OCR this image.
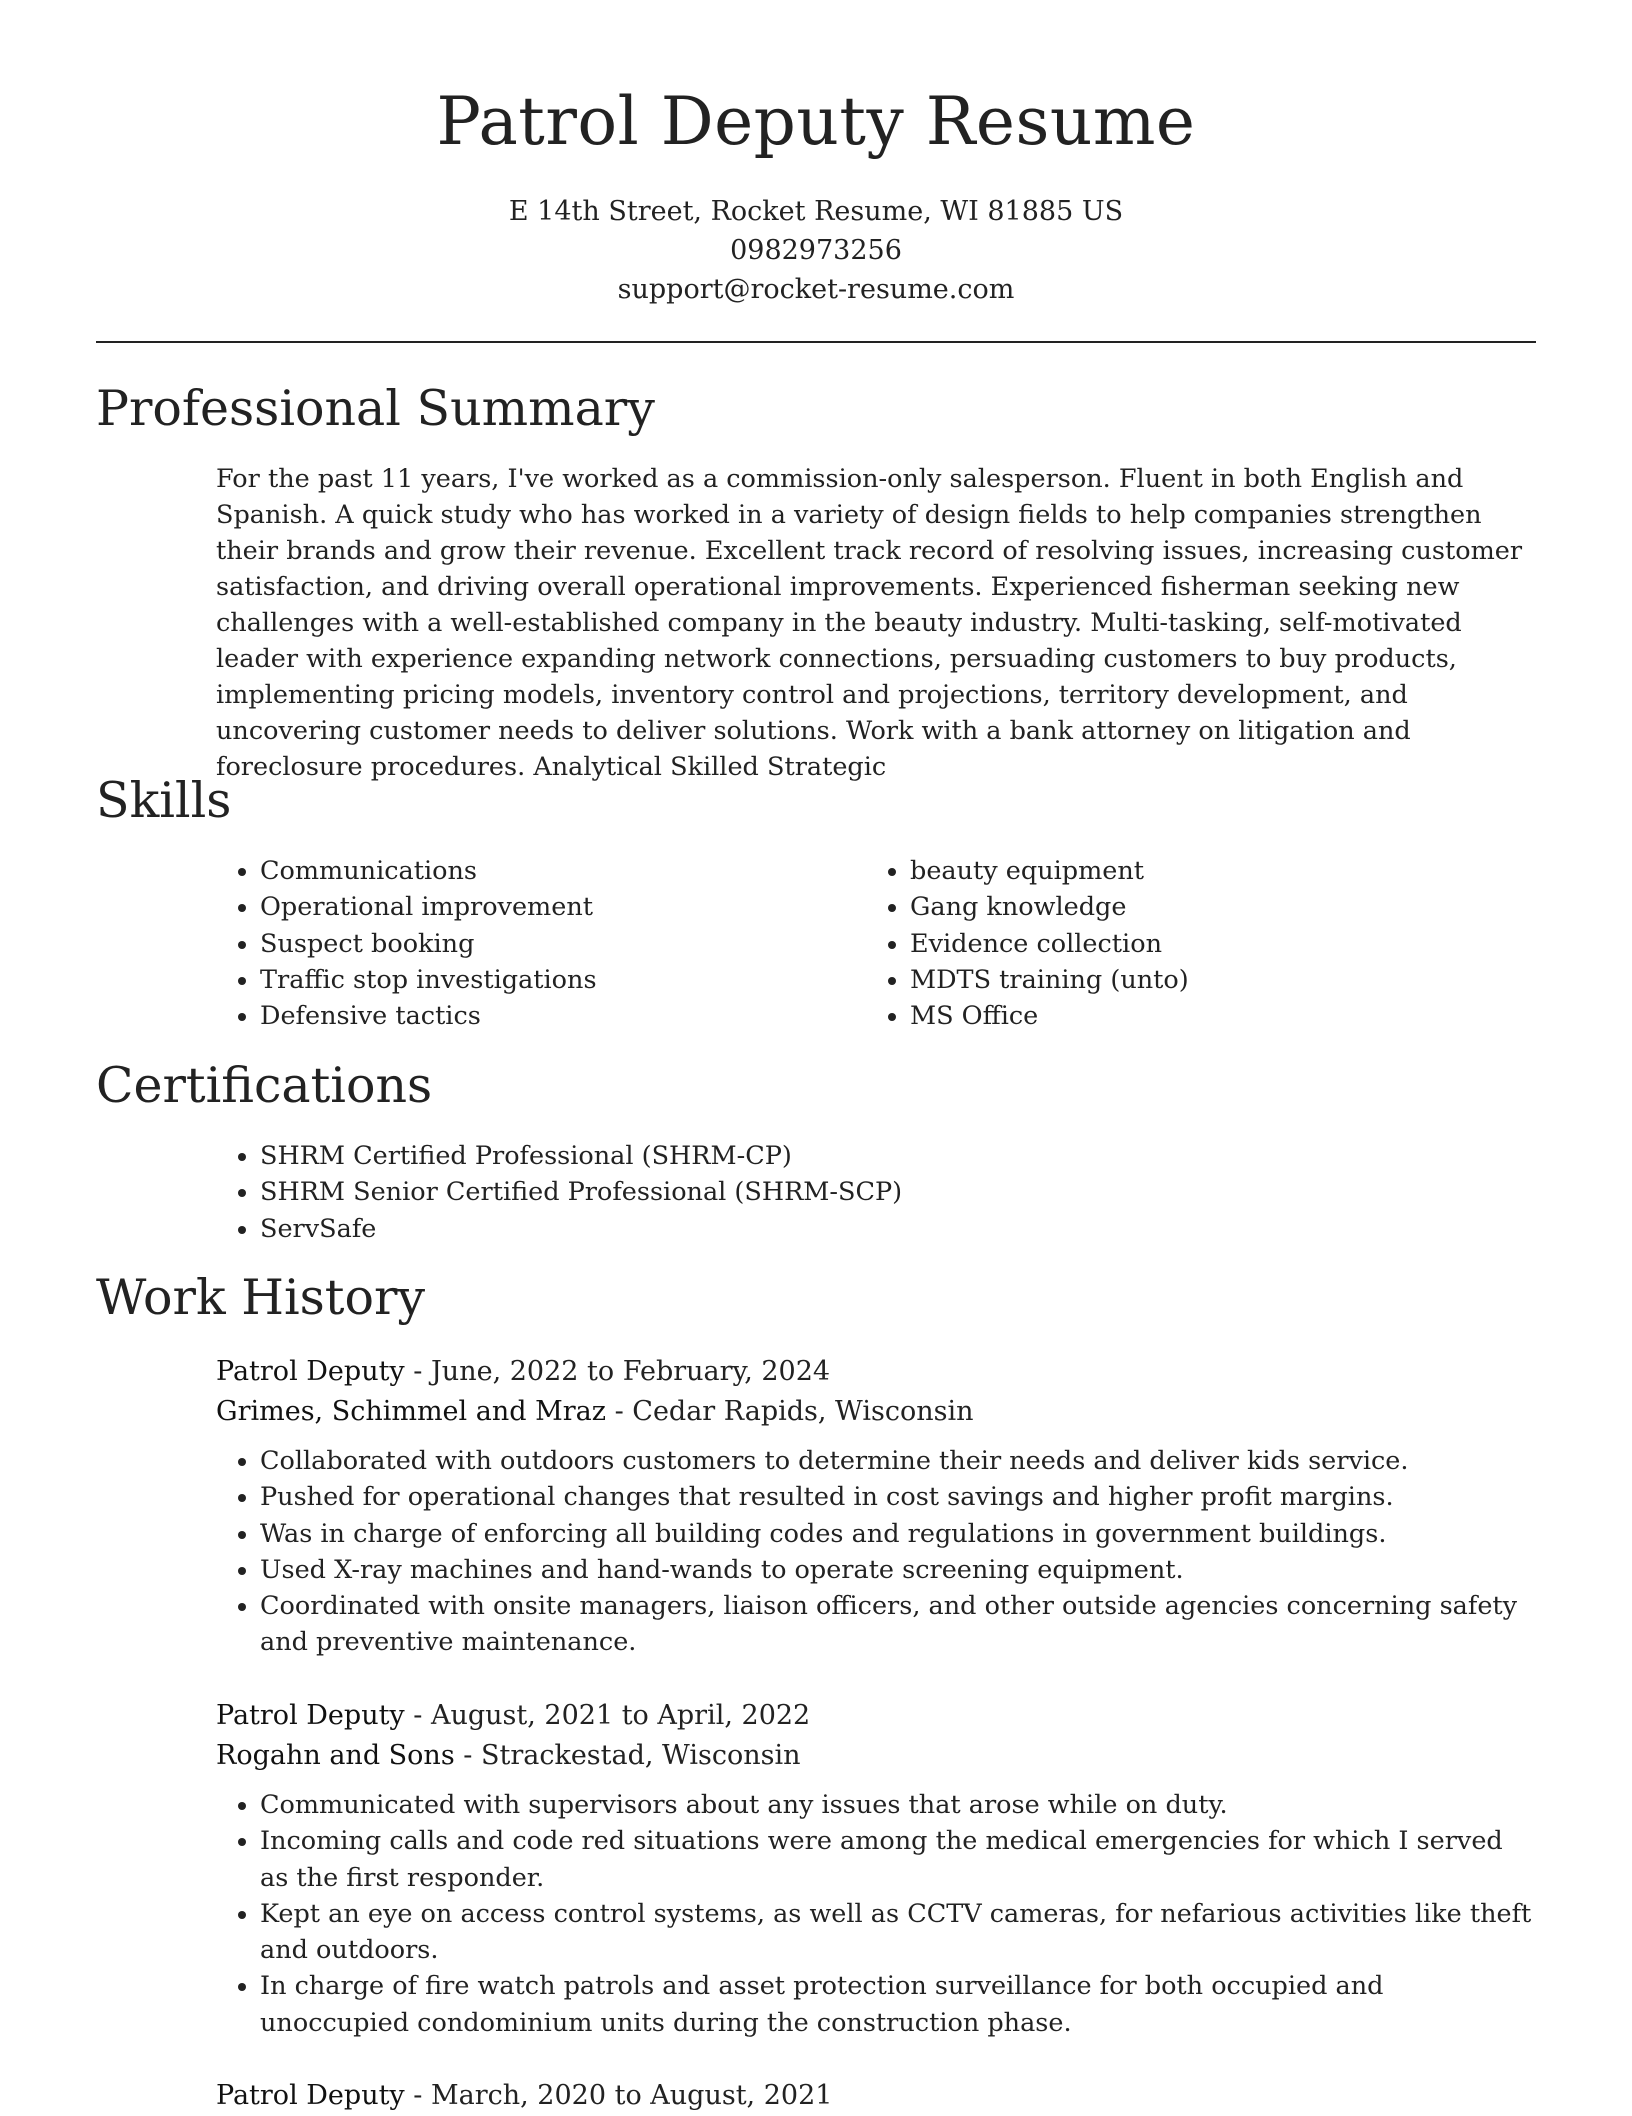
Patrol Deputy Resume
E 14th Street, Rocket Resume, WI 81885 US
0982973256
support@rocket-resume.com
Professional Summary

For the past 11 years, I've worked as a commission-only salesperson. Fluent in both English and Spanish. A quick study who has worked in a variety of design fields to help companies strengthen their brands and grow their revenue. Excellent track record of resolving issues, increasing customer satisfaction, and driving overall operational improvements. Experienced fisherman seeking new challenges with a well-established company in the beauty industry. Multi-tasking, self-motivated leader with experience expanding network connections, persuading customers to buy products, implementing pricing models, inventory control and projections, territory development, and uncovering customer needs to deliver solutions. Work with a bank attorney on litigation and foreclosure procedures. Analytical Skilled Strategic

Skills
• Communications
• Operational improvement
• Suspect booking
• Traffic stop investigations
• Defensive tactics
• beauty equipment
• Gang knowledge
• Evidence collection
• MDTS training (unto)
• MS Office
Certifications
• SHRM Certified Professional (SHRM-CP)
• SHRM Senior Certified Professional (SHRM-SCP)
• ServSafe
Work History

Patrol Deputy - June, 2022 to February, 2024

Grimes, Schimmel and Mraz - Cedar Rapids, Wisconsin

• Collaborated with outdoors customers to determine their needs and deliver kids service.
• Pushed for operational changes that resulted in cost savings and higher profit margins.
• Was in charge of enforcing all building codes and regulations in government buildings.
• Used X-ray machines and hand-wands to operate screening equipment.
• Coordinated with onsite managers, liaison officers, and other outside agencies concerning safety and preventive maintenance.

Patrol Deputy - August, 2021 to April, 2022

Rogahn and Sons - Strackestad, Wisconsin

• Communicated with supervisors about any issues that arose while on duty.
• Incoming calls and code red situations were among the medical emergencies for which I served as the first responder.
• Kept an eye on access control systems, as well as CCTV cameras, for nefarious activities like theft and outdoors.
• In charge of fire watch patrols and asset protection surveillance for both occupied and unoccupied condominium units during the construction phase.

Patrol Deputy - March, 2020 to August, 2021
